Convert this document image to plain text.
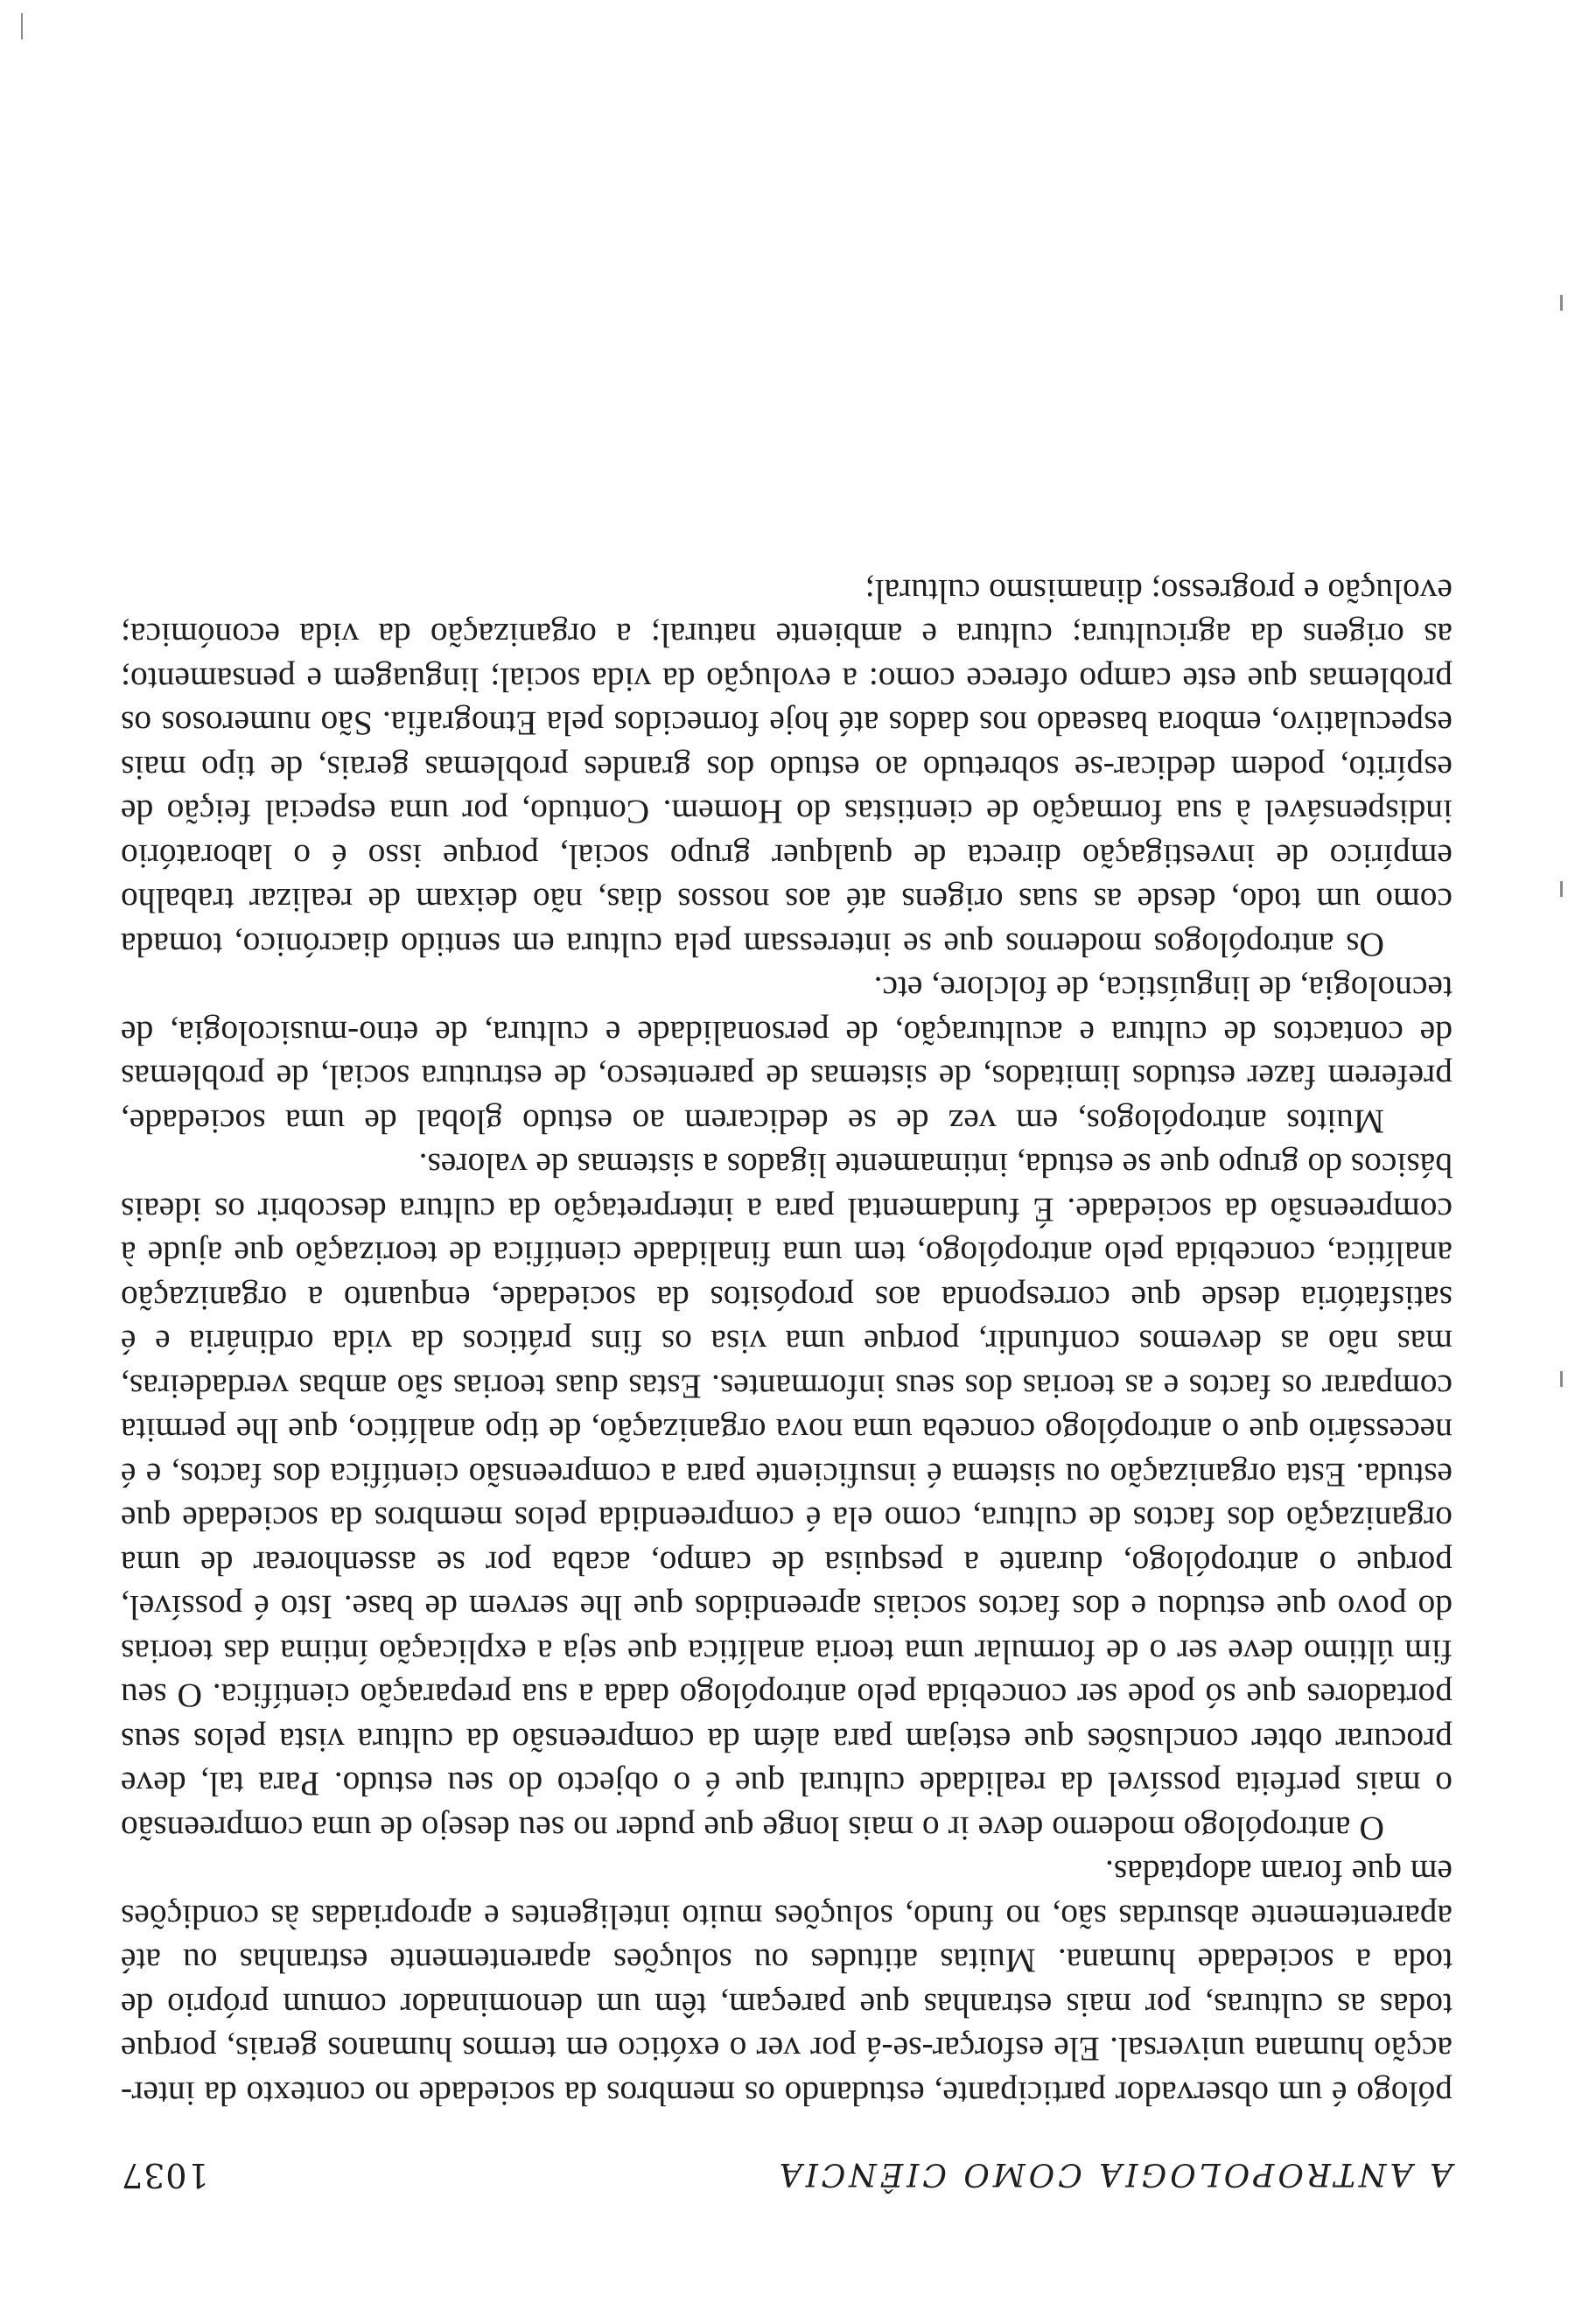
A ANTROPOLOGIA COMO CIÊNCIA
1037

pólogo é um observador participante, estudando os membros da sociedade no contexto da inter-acção humana universal. Ele esforçar-se-á por ver o exótico em termos humanos gerais, porque todas as culturas, por mais estranhas que pareçam, têm um denominador comum próprio de toda a sociedade humana. Muitas atitudes ou soluções aparentemente estranhas ou até aparentemente absurdas são, no fundo, soluções muito inteligentes e apropriadas às condições em que foram adoptadas.

O antropólogo moderno deve ir o mais longe que puder no seu desejo de uma compreensão o mais perfeita possível da realidade cultural que é o objecto do seu estudo. Para tal, deve procurar obter conclusões que estejam para além da compreensão da cultura vista pelos seus portadores que só pode ser concebida pelo antropólogo dada a sua preparação científica. O seu fim último deve ser o de formular uma teoria analítica que seja a explicação íntima das teorias do povo que estudou e dos factos sociais apreendidos que lhe servem de base. Isto é possível, porque o antropólogo, durante a pesquisa de campo, acaba por se assenhorear de uma organização dos factos de cultura, como ela é compreendida pelos membros da sociedade que estuda. Esta organização ou sistema é insuficiente para a compreensão científica dos factos, e é necessário que o antropólogo conceba uma nova organização, de tipo analítico, que lhe permita comparar os factos e as teorias dos seus informantes. Estas duas teorias são ambas verdadeiras, mas não as devemos confundir, porque uma visa os fins práticos da vida ordinária e é satisfatória desde que corresponda aos propósitos da sociedade, enquanto a organização analítica, concebida pelo antropólogo, tem uma finalidade científica de teorização que ajude à compreensão da sociedade. É fundamental para a interpretação da cultura descobrir os ideais básicos do grupo que se estuda, intimamente ligados a sistemas de valores.

Muitos antropólogos, em vez de se dedicarem ao estudo global de uma sociedade, preferem fazer estudos limitados, de sistemas de parentesco, de estrutura social, de problemas de contactos de cultura e aculturação, de personalidade e cultura, de etno-musicologia, de tecnologia, de linguística, de folclore, etc.

Os antropólogos modernos que se interessam pela cultura em sentido diacrónico, tomada como um todo, desde as suas origens até aos nossos dias, não deixam de realizar trabalho empírico de investigação directa de qualquer grupo social, porque isso é o laboratório indispensável à sua formação de cientistas do Homem. Contudo, por uma especial feição de espírito, podem dedicar-se sobretudo ao estudo dos grandes problemas gerais, de tipo mais especulativo, embora baseado nos dados até hoje fornecidos pela Etnografia. São numerosos os problemas que este campo oferece como: a evolução da vida social; linguagem e pensamento; as origens da agricultura; cultura e ambiente natural; a organização da vida económica; evolução e progresso; dinamismo cultural;
